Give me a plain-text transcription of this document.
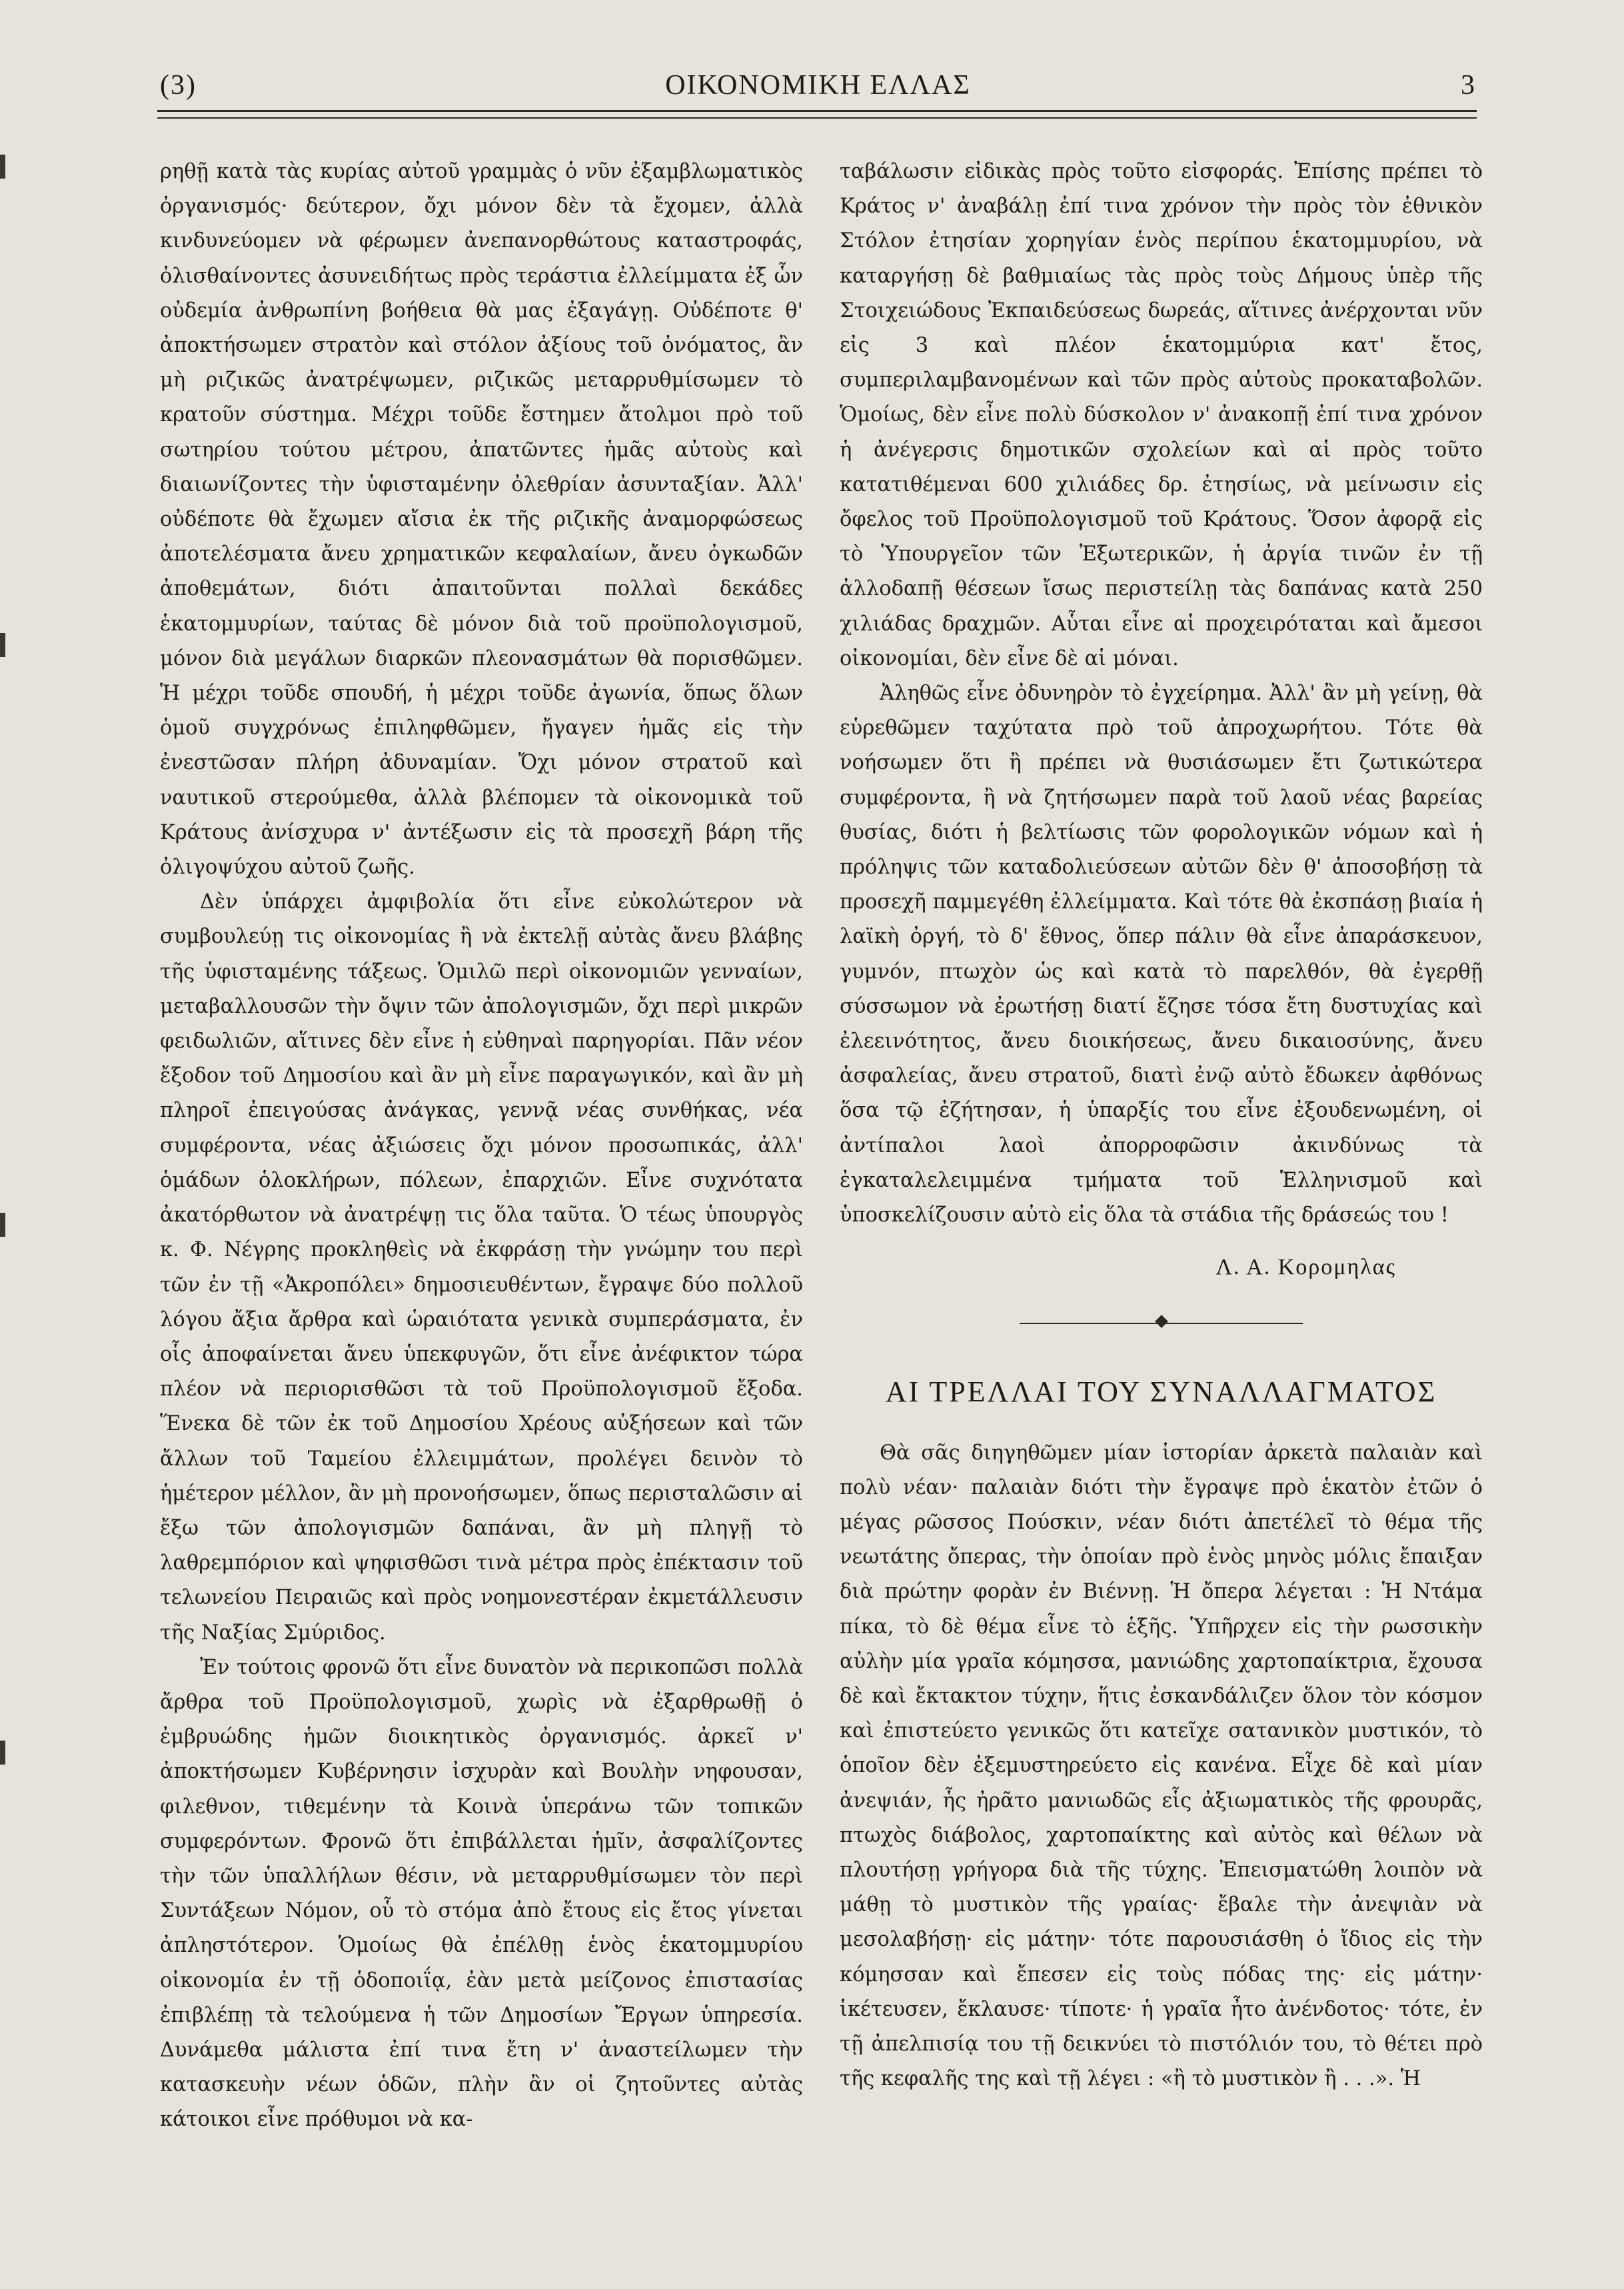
ΟΙΚΟΝΟΜΙΚΗ ΕΛΛΑΣ
(3)	3

ρηθῇ κατὰ τὰς κυρίας αὐτοῦ γραμμὰς ὁ νῦν ἐξαμβλωματικὸς ὀργανισμός· δεύτερον, ὄχι μόνον δὲν τὰ ἔχομεν, ἀλλὰ κινδυνεύομεν νὰ φέρωμεν ἀνεπανορθώτους καταστροφάς, ὀλισθαίνοντες ἀσυνειδήτως πρὸς τεράστια ἐλλείμματα ἐξ ὧν οὐδεμία ἀνθρωπίνη βοήθεια θὰ μας ἐξαγάγῃ. Οὐδέποτε θ' ἀποκτήσωμεν στρατὸν καὶ στόλον ἀξίους τοῦ ὀνόματος, ἂν μὴ ριζικῶς ἀνατρέψωμεν, ριζικῶς μεταρρυθμίσωμεν τὸ κρατοῦν σύστημα. Μέχρι τοῦδε ἔστημεν ἄτολμοι πρὸ τοῦ σωτηρίου τούτου μέτρου, ἀπατῶντες ἡμᾶς αὐτοὺς καὶ διαιωνίζοντες τὴν ὑφισταμένην ὀλεθρίαν ἀσυνταξίαν. Ἀλλ' οὐδέποτε θὰ ἔχωμεν αἴσια ἐκ τῆς ριζικῆς ἀναμορφώσεως ἀποτελέσματα ἄνευ χρηματικῶν κεφαλαίων, ἄνευ ὀγκωδῶν ἀποθεμάτων, διότι ἀπαιτοῦνται πολλαὶ δεκάδες ἑκατομμυρίων, ταύτας δὲ μόνον διὰ τοῦ προϋπολογισμοῦ, μόνον διὰ μεγάλων διαρκῶν πλεονασμάτων θὰ πορισθῶμεν. Ἡ μέχρι τοῦδε σπουδή, ἡ μέχρι τοῦδε ἀγωνία, ὅπως ὅλων ὁμοῦ συγχρόνως ἐπιληφθῶμεν, ἤγαγεν ἡμᾶς εἰς τὴν ἐνεστῶσαν πλήρη ἀδυναμίαν. Ὄχι μόνον στρατοῦ καὶ ναυτικοῦ στερούμεθα, ἀλλὰ βλέπομεν τὰ οἰκονομικὰ τοῦ Κράτους ἀνίσχυρα ν' ἀντέξωσιν εἰς τὰ προσεχῆ βάρη τῆς ὀλιγοψύχου αὐτοῦ ζωῆς.

Δὲν ὑπάρχει ἀμφιβολία ὅτι εἶνε εὐκολώτερον νὰ συμβουλεύῃ τις οἰκονομίας ἢ νὰ ἐκτελῇ αὐτὰς ἄνευ βλάβης τῆς ὑφισταμένης τάξεως. Ὁμιλῶ περὶ οἰκονομιῶν γενναίων, μεταβαλλουσῶν τὴν ὄψιν τῶν ἀπολογισμῶν, ὄχι περὶ μικρῶν φειδωλιῶν, αἵτινες δὲν εἶνε ἡ εὐθηναὶ παρηγορίαι. Πᾶν νέον ἔξοδον τοῦ Δημοσίου καὶ ἂν μὴ εἶνε παραγωγικόν, καὶ ἂν μὴ πληροῖ ἐπειγούσας ἀνάγκας, γεννᾷ νέας συνθήκας, νέα συμφέροντα, νέας ἀξιώσεις ὄχι μόνον προσωπικάς, ἀλλ' ὁμάδων ὁλοκλήρων, πόλεων, ἐπαρχιῶν. Εἶνε συχνότατα ἀκατόρθωτον νὰ ἀνατρέψῃ τις ὅλα ταῦτα. Ὁ τέως ὑπουργὸς κ. Φ. Νέγρης προκληθεὶς νὰ ἐκφράσῃ τὴν γνώμην του περὶ τῶν ἐν τῇ «Ἀκροπόλει» δημοσιευθέντων, ἔγραψε δύο πολλοῦ λόγου ἄξια ἄρθρα καὶ ὡραιότατα γενικὰ συμπεράσματα, ἐν οἷς ἀποφαίνεται ἄνευ ὑπεκφυγῶν, ὅτι εἶνε ἀνέφικτον τώρα πλέον νὰ περιορισθῶσι τὰ τοῦ Προϋπολογισμοῦ ἔξοδα. Ἕνεκα δὲ τῶν ἐκ τοῦ Δημοσίου Χρέους αὐξήσεων καὶ τῶν ἄλλων τοῦ Ταμείου ἐλλειμμάτων, προλέγει δεινὸν τὸ ἡμέτερον μέλλον, ἂν μὴ προνοήσωμεν, ὅπως περισταλῶσιν αἱ ἔξω τῶν ἀπολογισμῶν δαπάναι, ἂν μὴ πληγῇ τὸ λαθρεμπόριον καὶ ψηφισθῶσι τινὰ μέτρα πρὸς ἐπέκτασιν τοῦ τελωνείου Πειραιῶς καὶ πρὸς νοημονεστέραν ἐκμετάλλευσιν τῆς Ναξίας Σμύριδος.

Ἐν τούτοις φρονῶ ὅτι εἶνε δυνατὸν νὰ περικοπῶσι πολλὰ ἄρθρα τοῦ Προϋπολογισμοῦ, χωρὶς νὰ ἐξαρθρωθῇ ὁ ἐμβρυώδης ἡμῶν διοικητικὸς ὀργανισμός. ἀρκεῖ ν' ἀποκτήσωμεν Κυβέρνησιν ἰσχυρὰν καὶ Βουλὴν νηφουσαν, φιλεθνον, τιθεμένην τὰ Κοινὰ ὑπεράνω τῶν τοπικῶν συμφερόντων. Φρονῶ ὅτι ἐπιβάλλεται ἡμῖν, ἀσφαλίζοντες τὴν τῶν ὑπαλλήλων θέσιν, νὰ μεταρρυθμίσωμεν τὸν περὶ Συντάξεων Νόμον, οὗ τὸ στόμα ἀπὸ ἔτους εἰς ἔτος γίνεται ἀπληστότερον. Ὁμοίως θὰ ἐπέλθῃ ἑνὸς ἑκατομμυρίου οἰκονομία ἐν τῇ ὁδοποιΐᾳ, ἐὰν μετὰ μείζονος ἐπιστασίας ἐπιβλέπῃ τὰ τελούμενα ἡ τῶν Δημοσίων Ἔργων ὑπηρεσία. Δυνάμεθα μάλιστα ἐπί τινα ἔτη ν' ἀναστείλωμεν τὴν κατασκευὴν νέων ὁδῶν, πλὴν ἂν οἱ ζητοῦντες αὐτὰς κάτοικοι εἶνε πρόθυμοι νὰ κα-

ταβάλωσιν εἰδικὰς πρὸς τοῦτο εἰσφοράς. Ἐπίσης πρέπει τὸ Κράτος ν' ἀναβάλῃ ἐπί τινα χρόνον τὴν πρὸς τὸν ἐθνικὸν Στόλον ἐτησίαν χορηγίαν ἑνὸς περίπου ἑκατομμυρίου, νὰ καταργήσῃ δὲ βαθμιαίως τὰς πρὸς τοὺς Δήμους ὑπὲρ τῆς Στοιχειώδους Ἐκπαιδεύσεως δωρεάς, αἵτινες ἀνέρχονται νῦν εἰς 3 καὶ πλέον ἑκατομμύρια κατ' ἔτος, συμπεριλαμβανομένων καὶ τῶν πρὸς αὐτοὺς προκαταβολῶν. Ὁμοίως, δὲν εἶνε πολὺ δύσκολον ν' ἀνακοπῇ ἐπί τινα χρόνον ἡ ἀνέγερσις δημοτικῶν σχολείων καὶ αἱ πρὸς τοῦτο κατατιθέμεναι 600 χιλιάδες δρ. ἐτησίως, νὰ μείνωσιν εἰς ὄφελος τοῦ Προϋπολογισμοῦ τοῦ Κράτους. Ὅσον ἀφορᾷ εἰς τὸ Ὑπουργεῖον τῶν Ἐξωτερικῶν, ἡ ἀργία τινῶν ἐν τῇ ἀλλοδαπῇ θέσεων ἴσως περιστείλῃ τὰς δαπάνας κατὰ 250 χιλιάδας δραχμῶν. Αὗται εἶνε αἱ προχειρόταται καὶ ἄμεσοι οἰκονομίαι, δὲν εἶνε δὲ αἱ μόναι.

Ἀληθῶς εἶνε ὀδυνηρὸν τὸ ἐγχείρημα. Ἀλλ' ἂν μὴ γείνῃ, θὰ εὑρεθῶμεν ταχύτατα πρὸ τοῦ ἀπροχωρήτου. Τότε θὰ νοήσωμεν ὅτι ἢ πρέπει νὰ θυσιάσωμεν ἔτι ζωτικώτερα συμφέροντα, ἢ νὰ ζητήσωμεν παρὰ τοῦ λαοῦ νέας βαρείας θυσίας, διότι ἡ βελτίωσις τῶν φορολογικῶν νόμων καὶ ἡ πρόληψις τῶν καταδολιεύσεων αὐτῶν δὲν θ' ἀποσοβήσῃ τὰ προσεχῆ παμμεγέθη ἐλλείμματα. Καὶ τότε θὰ ἐκσπάσῃ βιαία ἡ λαϊκὴ ὀργή, τὸ δ' ἔθνος, ὅπερ πάλιν θὰ εἶνε ἀπαράσκευον, γυμνόν, πτωχὸν ὡς καὶ κατὰ τὸ παρελθόν, θὰ ἐγερθῇ σύσσωμον νὰ ἐρωτήσῃ διατί ἔζησε τόσα ἔτη δυστυχίας καὶ ἐλεεινότητος, ἄνευ διοικήσεως, ἄνευ δικαιοσύνης, ἄνευ ἀσφαλείας, ἄνευ στρατοῦ, διατὶ ἐνῷ αὐτὸ ἔδωκεν ἀφθόνως ὅσα τῷ ἐζήτησαν, ἡ ὑπαρξίς του εἶνε ἐξουδενωμένη, οἱ ἀντίπαλοι λαοὶ ἀπορροφῶσιν ἀκινδύνως τὰ ἐγκαταλελειμμένα τμήματα τοῦ Ἑλληνισμοῦ καὶ ὑποσκελίζουσιν αὐτὸ εἰς ὅλα τὰ στάδια τῆς δράσεώς του !

Λ. Α. Κορομηλας
ΑΙ ΤΡΕΛΛΑΙ ΤΟΥ ΣΥΝΑΛΛΑΓΜΑΤΟΣ

Θὰ σᾶς διηγηθῶμεν μίαν ἱστορίαν ἀρκετὰ παλαιὰν καὶ πολὺ νέαν· παλαιὰν διότι τὴν ἔγραψε πρὸ ἑκατὸν ἐτῶν ὁ μέγας ρῶσσος Πούσκιν, νέαν διότι ἀπετέλεῖ τὸ θέμα τῆς νεωτάτης ὄπερας, τὴν ὁποίαν πρὸ ἑνὸς μηνὸς μόλις ἔπαιξαν διὰ πρώτην φορὰν ἐν Βιέννῃ. Ἡ ὄπερα λέγεται : Ἡ Ντάμα πίκα, τὸ δὲ θέμα εἶνε τὸ ἑξῆς. Ὑπῆρχεν εἰς τὴν ρωσσικὴν αὐλὴν μία γραῖα κόμησσα, μανιώδης χαρτοπαίκτρια, ἔχουσα δὲ καὶ ἔκτακτον τύχην, ἥτις ἐσκανδάλιζεν ὅλον τὸν κόσμον καὶ ἐπιστεύετο γενικῶς ὅτι κατεῖχε σατανικὸν μυστικόν, τὸ ὁποῖον δὲν ἐξεμυστηρεύετο εἰς κανένα. Εἶχε δὲ καὶ μίαν ἀνεψιάν, ἧς ἠρᾶτο μανιωδῶς εἷς ἀξιωματικὸς τῆς φρουρᾶς, πτωχὸς διάβολος, χαρτοπαίκτης καὶ αὐτὸς καὶ θέλων νὰ πλουτήσῃ γρήγορα διὰ τῆς τύχης. Ἐπεισματώθη λοιπὸν νὰ μάθῃ τὸ μυστικὸν τῆς γραίας· ἔβαλε τὴν ἀνεψιὰν νὰ μεσολαβήσῃ· εἰς μάτην· τότε παρουσιάσθη ὁ ἴδιος εἰς τὴν κόμησσαν καὶ ἔπεσεν εἰς τοὺς πόδας της· εἰς μάτην· ἱκέτευσεν, ἔκλαυσε· τίποτε· ἡ γραῖα ἦτο ἀνένδοτος· τότε, ἐν τῇ ἀπελπισίᾳ του τῇ δεικνύει τὸ πιστόλιόν του, τὸ θέτει πρὸ τῆς κεφαλῆς της καὶ τῇ λέγει : «ἢ τὸ μυστικὸν ἢ . . .». Ἡ
